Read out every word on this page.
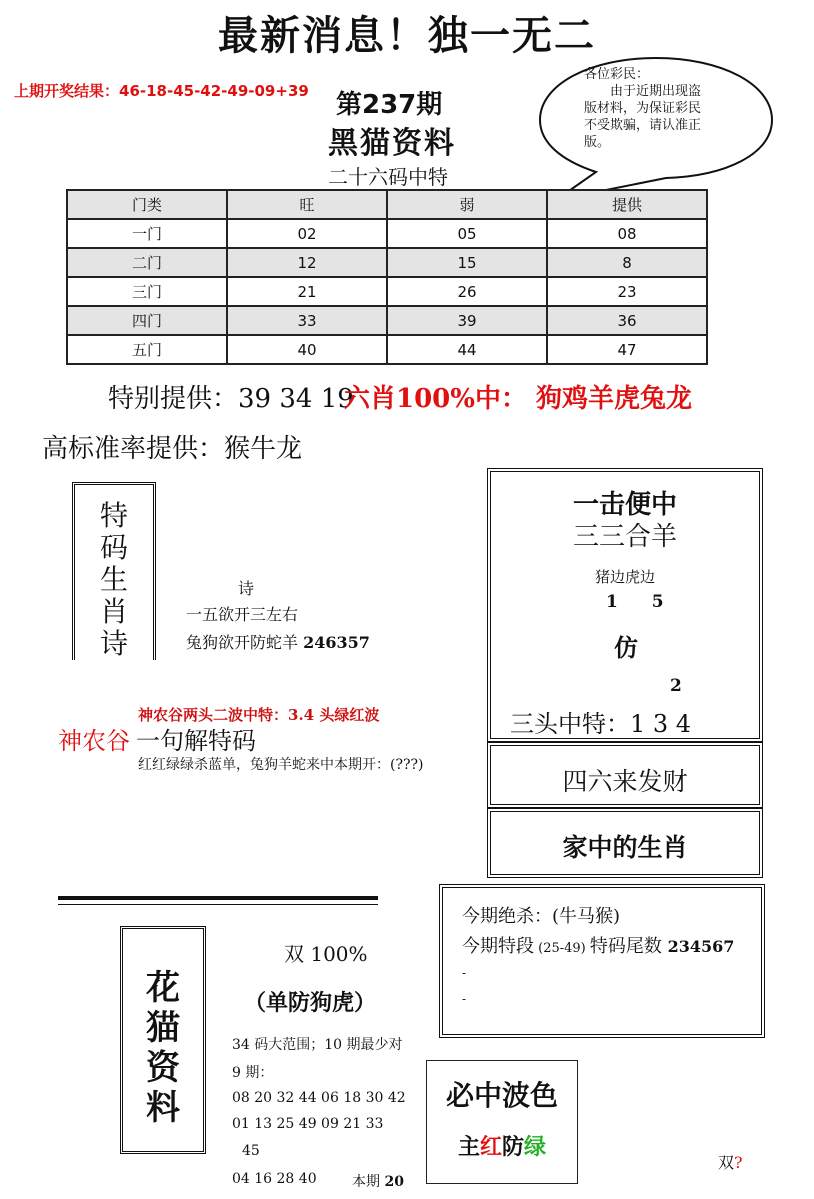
最新消息！独一无二
上期开奖结果：46-18-45-42-49-09+39 第237期
黑猫资料
二十六码中特
各位彩民：
　　由于近期出现盗
版材料，为保证彩民
不受欺骗，请认准正
版。
门类	旺	弱	提供
一门	02	05	08
二门	12	15	8
三门	21	26	23
四门	33	39	36
五门	40	44	47
特别提供：39 34 19
六肖100%中： 狗鸡羊虎兔龙
高标准率提供：猴牛龙
特
码
生
肖
诗
诗
一五欲开三左右
兔狗欲开防蛇羊 246357
神农谷两头二波中特：3.4 头绿红波
神农谷 一句解特码
红红绿绿杀蓝单，兔狗羊蛇来中本期开：(???)
一击便中
三三合羊
猪边虎边
1 5
仿
2
三头中特：1 3 4
四六来发财
家中的生肖
花
猫
资
料
双 100%
（单防狗虎）
34 码大范围；10 期最少对
9 期：
08 20 32 44 06 18 30 42
01 13 25 49 09 21 33
45
04 16 28 40	本期 20
今期绝杀：(牛马猴)
今期特段 (25-49) 特码尾数 234567
-
-
必中波色
主红防绿
双?
